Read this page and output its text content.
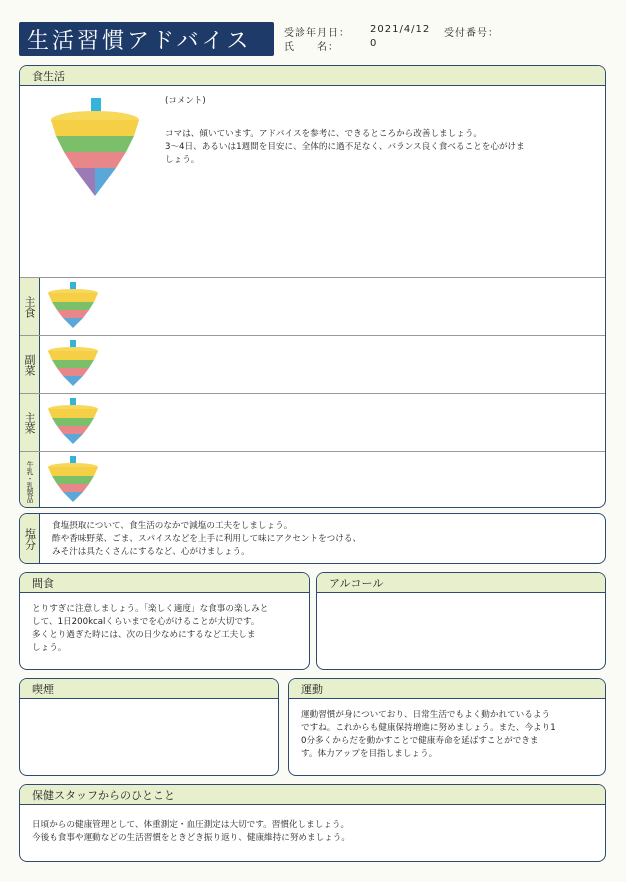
生活習慣アドバイス	受診年月日： 2021/4/12 受付番号：
氏　　名：	0
食生活
(コメント)
コマは、傾いています。アドバイスを参考に、できるところから改善しましょう。
3～4日、あるいは1週間を目安に、全体的に過不足なく、バランス良く食べることを心がけま
しょう。
主食
副菜
主菜
牛乳・乳製品
塩分
食塩摂取について、食生活のなかで減塩の工夫をしましょう。
酢や香味野菜、ごま、スパイスなどを上手に利用して味にアクセントをつける、
みそ汁は具たくさんにするなど、心がけましょう。
間食
とりすぎに注意しましょう。「楽しく適度」な食事の楽しみと
して、1日200kcalくらいまでを心がけることが大切です。
多くとり過ぎた時には、次の日少なめにするなど工夫しま
しょう。
アルコール
喫煙	運動
運動習慣が身についており、日常生活でもよく動かれているよう
ですね。これからも健康保持増進に努めましょう。また、今より1
0分多くからだを動かすことで健康寿命を延ばすことができま
す。体力アップを目指しましょう。
保健スタッフからのひとこと
日頃からの健康管理として、体重測定・血圧測定は大切です。習慣化しましょう。
今後も食事や運動などの生活習慣をときどき振り返り、健康維持に努めましょう。
